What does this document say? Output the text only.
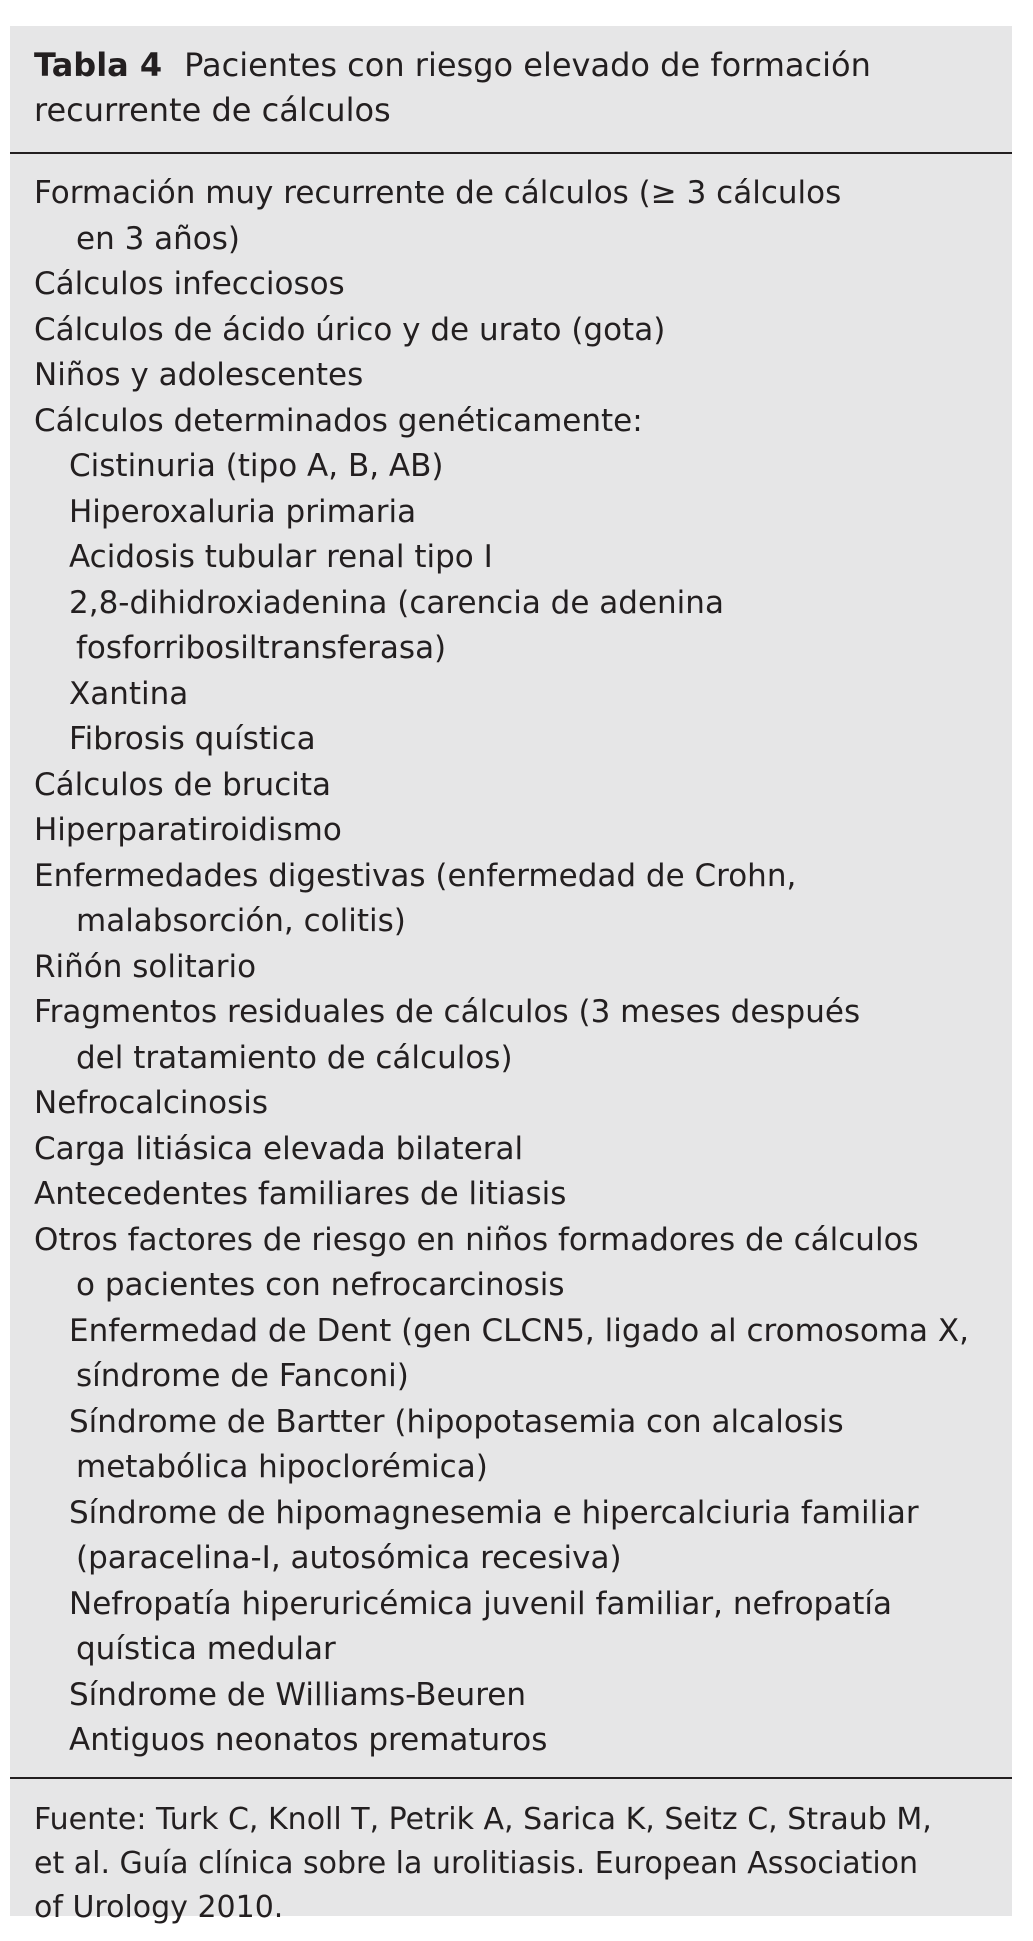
Tabla 4 Pacientes con riesgo elevado de formación
recurrente de cálculos
Formación muy recurrente de cálculos (≥ 3 cálculos
en 3 años)
Cálculos infecciosos
Cálculos de ácido úrico y de urato (gota)
Niños y adolescentes
Cálculos determinados genéticamente:
Cistinuria (tipo A, B, AB)
Hiperoxaluria primaria
Acidosis tubular renal tipo I
2,8-dihidroxiadenina (carencia de adenina
fosforribosiltransferasa)
Xantina
Fibrosis quística
Cálculos de brucita
Hiperparatiroidismo
Enfermedades digestivas (enfermedad de Crohn,
malabsorción, colitis)
Riñón solitario
Fragmentos residuales de cálculos (3 meses después
del tratamiento de cálculos)
Nefrocalcinosis
Carga litiásica elevada bilateral
Antecedentes familiares de litiasis
Otros factores de riesgo en niños formadores de cálculos
o pacientes con nefrocarcinosis
Enfermedad de Dent (gen CLCN5, ligado al cromosoma X,
síndrome de Fanconi)
Síndrome de Bartter (hipopotasemia con alcalosis
metabólica hipoclorémica)
Síndrome de hipomagnesemia e hipercalciuria familiar
(paracelina-I, autosómica recesiva)
Nefropatía hiperuricémica juvenil familiar, nefropatía
quística medular
Síndrome de Williams-Beuren
Antiguos neonatos prematuros
Fuente: Turk C, Knoll T, Petrik A, Sarica K, Seitz C, Straub M,
et al. Guía clínica sobre la urolitiasis. European Association
of Urology 2010.
